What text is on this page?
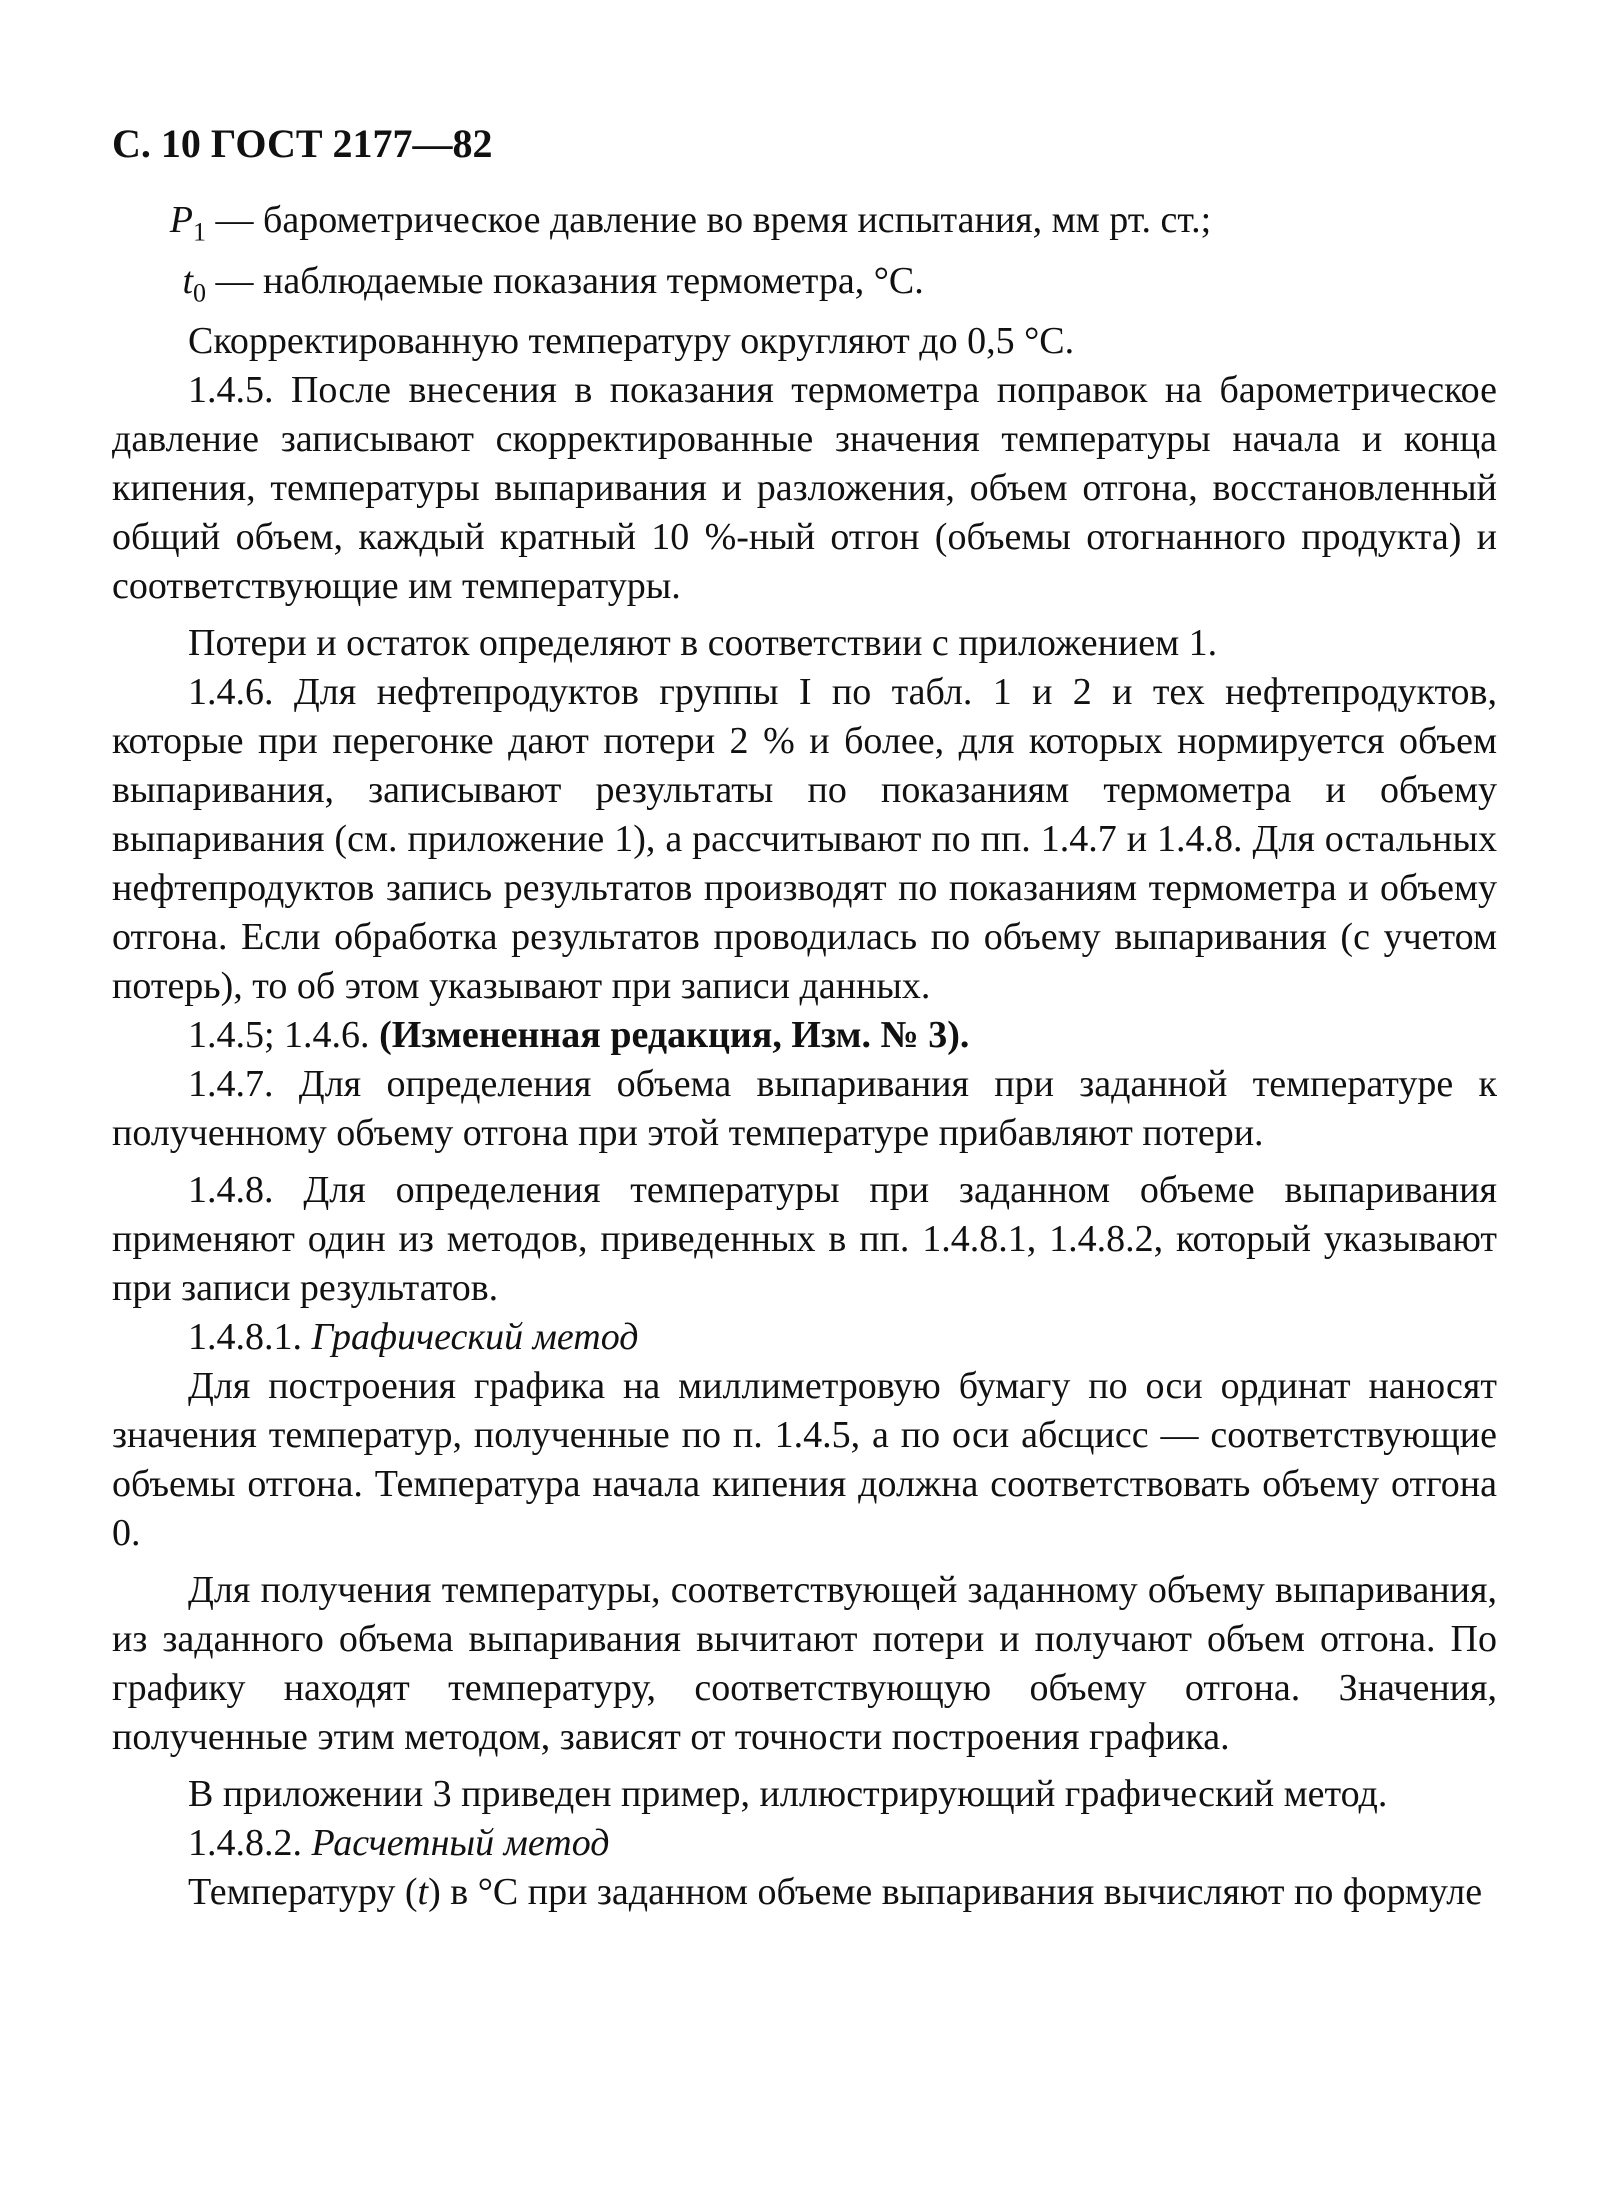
С. 10 ГОСТ 2177—82
$P_1$ — барометрическое давление во время испытания, мм рт. ст.;
$t_0$ — наблюдаемые показания термометра, °С.

Скорректированную температуру округляют до 0,5 °С.

1.4.5. После внесения в показания термометра поправок на барометрическое давление записывают скорректированные значения температуры начала и конца кипения, температуры выпаривания и разложения, объем отгона, восстановленный общий объем, каждый кратный 10 %-ный отгон (объемы отогнанного продукта) и соответствующие им температуры.

Потери и остаток определяют в соответствии с приложением 1.

1.4.6. Для нефтепродуктов группы I по табл. 1 и 2 и тех нефтепродуктов, которые при перегонке дают потери 2 % и более, для которых нормируется объем выпаривания, записывают результаты по показаниям термометра и объему выпаривания (см. приложение 1), а рассчитывают по пп. 1.4.7 и 1.4.8. Для остальных нефтепродуктов запись результатов производят по показаниям термометра и объему отгона. Если обработка результатов проводилась по объему выпаривания (с учетом потерь), то об этом указывают при записи данных.

1.4.5; 1.4.6. (Измененная редакция, Изм. № 3).

1.4.7. Для определения объема выпаривания при заданной температуре к полученному объему отгона при этой температуре прибавляют потери.

1.4.8. Для определения температуры при заданном объеме выпаривания применяют один из методов, приведенных в пп. 1.4.8.1, 1.4.8.2, который указывают при записи результатов.

1.4.8.1. Графический метод

Для построения графика на миллиметровую бумагу по оси ординат наносят значения температур, полученные по п. 1.4.5, а по оси абсцисс — соответствующие объемы отгона. Температура начала кипения должна соответствовать объему отгона 0.

Для получения температуры, соответствующей заданному объему выпаривания, из заданного объема выпаривания вычитают потери и получают объем отгона. По графику находят температуру, соответствующую объему отгона. Значения, полученные этим методом, зависят от точности построения графика.

В приложении 3 приведен пример, иллюстрирующий графический метод.

1.4.8.2. Расчетный метод

Температуру (t) в °С при заданном объеме выпаривания вычисляют по формуле
